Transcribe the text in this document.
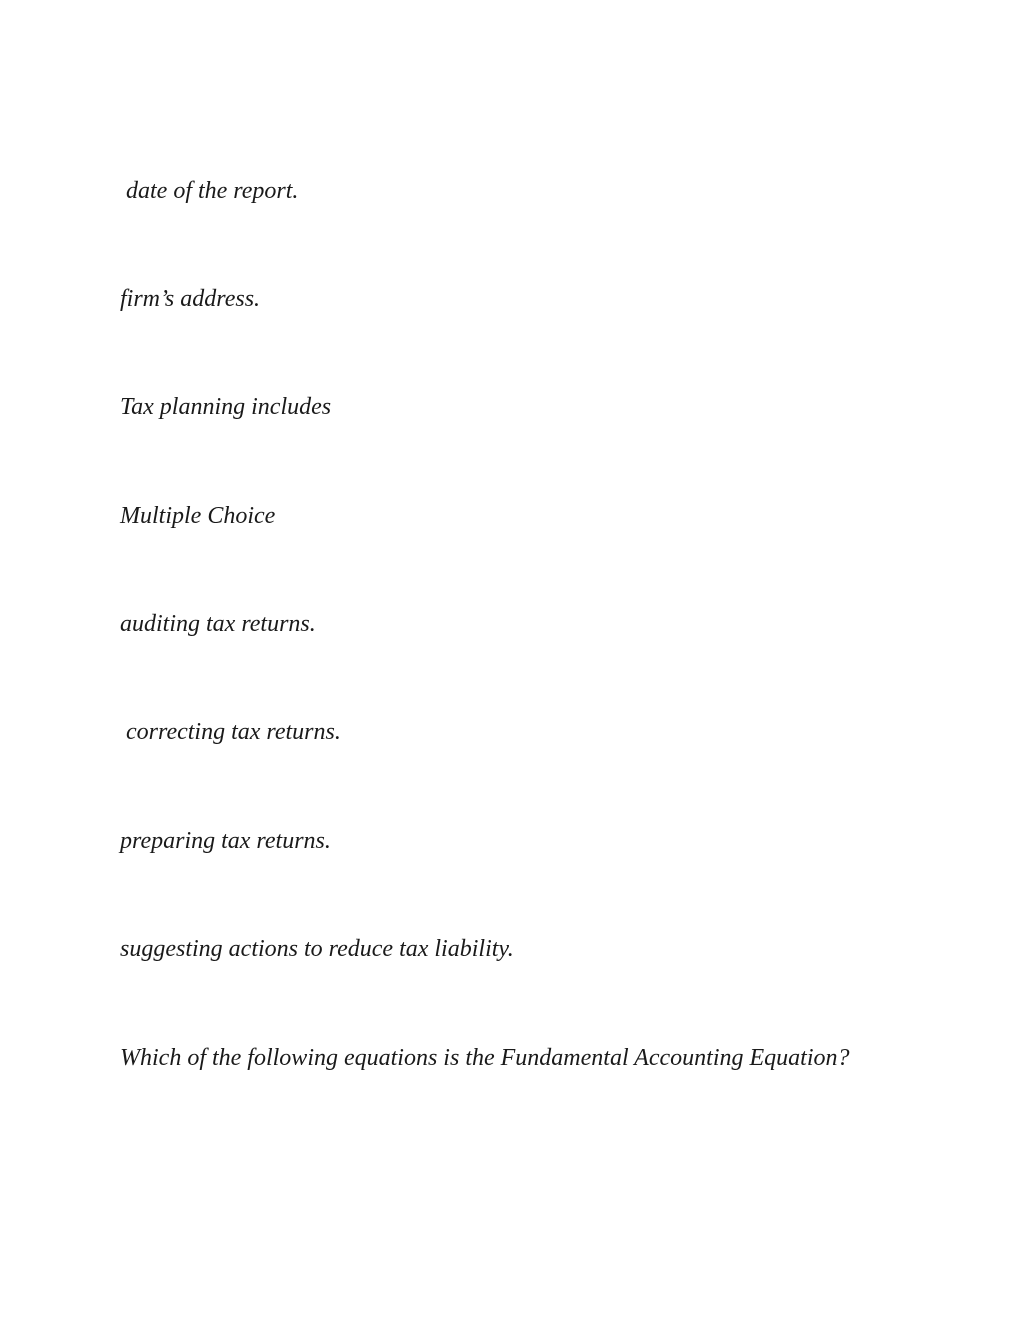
date of the report.

firm’s address.

Tax planning includes

Multiple Choice

auditing tax returns.

correcting tax returns.

preparing tax returns.

suggesting actions to reduce tax liability.

Which of the following equations is the Fundamental Accounting Equation?
